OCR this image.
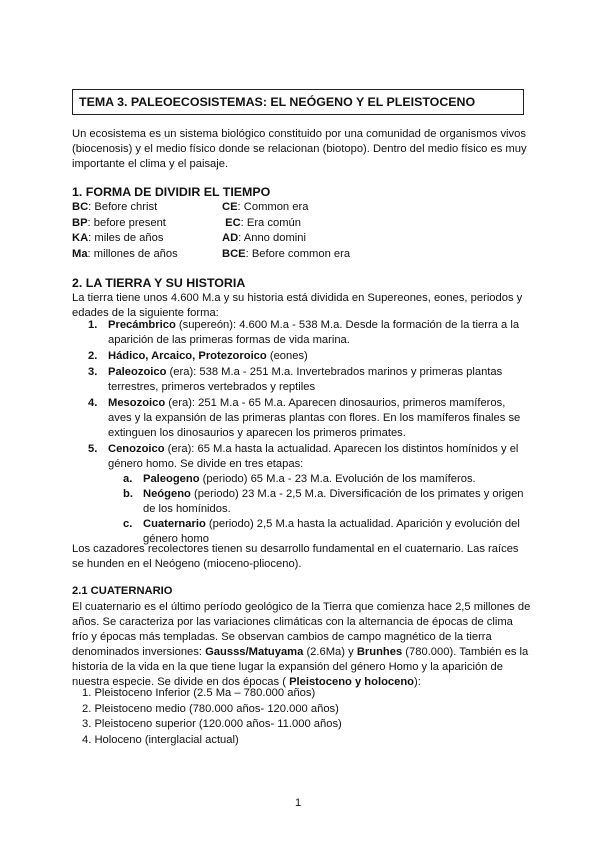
TEMA 3. PALEOECOSISTEMAS: EL NEÓGENO Y EL PLEISTOCENO

Un ecosistema es un sistema biológico constituido por una comunidad de organismos vivos (biocenosis) y el medio físico donde se relacionan (biotopo). Dentro del medio físico es muy importante el clima y el paisaje.

1. FORMA DE DIVIDIR EL TIEMPO

BC: Before christ	CE: Common era
BP: before present	EC: Era común
KA: miles de años	AD: Anno domini
Ma: millones de años	BCE: Before common era

2. LA TIERRA Y SU HISTORIA

La tierra tiene unos 4.600 M.a y su historia está dividida en Supereones, eones, periodos y edades de la siguiente forma:

1. Precámbrico (supereón): 4.600 M.a - 538 M.a. Desde la formación de la tierra a la aparición de las primeras formas de vida marina.
2. Hádico, Arcaico, Protezoroico (eones)
3. Paleozoico (era): 538 M.a - 251 M.a. Invertebrados marinos y primeras plantas terrestres, primeros vertebrados y reptiles
4. Mesozoico (era): 251 M.a - 65 M.a. Aparecen dinosaurios, primeros mamíferos, aves y la expansión de las primeras plantas con flores. En los mamíferos finales se extinguen los dinosaurios y aparecen los primeros primates.
5. Cenozoico (era): 65 M.a hasta la actualidad. Aparecen los distintos homínidos y el género homo. Se divide en tres etapas:
a. Paleogeno (periodo) 65 M.a - 23 M.a. Evolución de los mamíferos.
b. Neógeno (periodo) 23 M.a - 2,5 M.a. Diversificación de los primates y origen de los homínidos.
c. Cuaternario (periodo) 2,5 M.a hasta la actualidad. Aparición y evolución del género homo

Los cazadores recolectores tienen su desarrollo fundamental en el cuaternario. Las raíces se hunden en el Neógeno (mioceno-plioceno).

2.1 CUATERNARIO

El cuaternario es el último período geológico de la Tierra que comienza hace 2,5 millones de años. Se caracteriza por las variaciones climáticas con la alternancia de épocas de clima frío y épocas más templadas. Se observan cambios de campo magnético de la tierra denominados inversiones: Gausss/Matuyama (2.6Ma) y Brunhes (780.000). También es la historia de la vida en la que tiene lugar la expansión del género Homo y la aparición de nuestra especie. Se divide en dos épocas ( Pleistoceno y holoceno):

1. Pleistoceno Inferior (2.5 Ma – 780.000 años)
2. Pleistoceno medio (780.000 años- 120.000 años)
3. Pleistoceno superior (120.000 años- 11.000 años)
4. Holoceno (interglacial actual)
1
